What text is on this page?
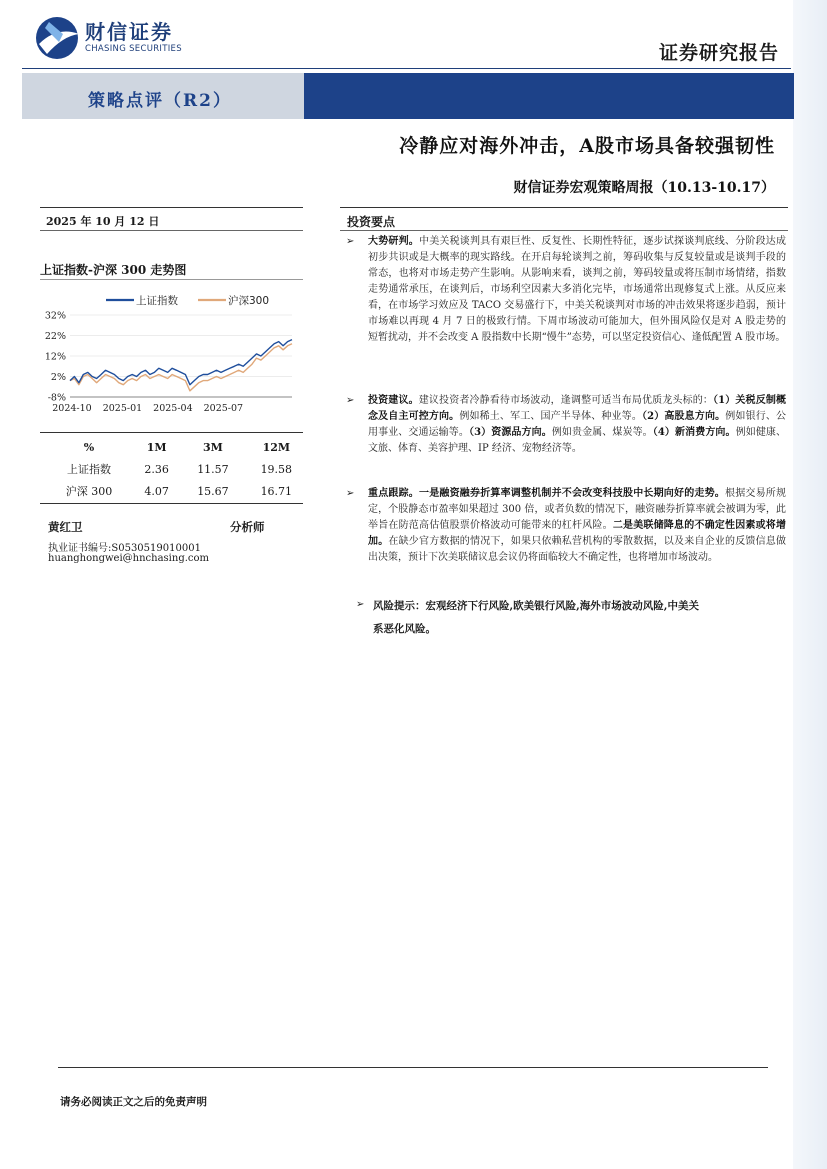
财信证券
CHASING SECURITIES	证券研究报告
策略点评（R2）
冷静应对海外冲击，A股市场具备较强韧性
财信证券宏观策略周报（10.13-10.17）
2025 年 10 月 12 日
上证指数-沪深 300 走势图
32%
22%
12%
2%
-8%
2024-10 2025-01 2025-04 2025-07
上证指数	沪深300
%	1M	3M	12M
上证指数	2.36	11.57	19.58
沪深 300	4.07	15.67	16.71
黄红卫	分析师
执业证书编号:S0530519010001
huanghongwei@hnchasing.com
投资要点
➢ 大势研判。中美关税谈判具有艰巨性、反复性、长期性特征，逐步试探谈判底线、分阶段达成初步共识或是大概率的现实路线。在开启每轮谈判之前，筹码收集与反复较量或是谈判手段的常态，也将对市场走势产生影响。从影响来看，谈判之前，筹码较量或将压制市场情绪，指数走势通常承压，在谈判后，市场利空因素大多消化完毕，市场通常出现修复式上涨。从反应来看，在市场学习效应及 TACO 交易盛行下，中美关税谈判对市场的冲击效果将逐步趋弱，预计市场难以再现 4 月 7 日的极致行情。下周市场波动可能加大，但外围风险仅是对 A 股走势的短暂扰动，并不会改变 A 股指数中长期“慢牛”态势，可以坚定投资信心、逢低配置 A 股市场。
➢ 投资建议。建议投资者冷静看待市场波动，逢调整可适当布局优质龙头标的：（1）关税反制概念及自主可控方向。例如稀土、军工、国产半导体、种业等。（2）高股息方向。例如银行、公用事业、交通运输等。（3）资源品方向。例如贵金属、煤炭等。（4）新消费方向。例如健康、文旅、体育、美容护理、IP 经济、宠物经济等。
➢ 重点跟踪。一是融资融券折算率调整机制并不会改变科技股中长期向好的走势。根据交易所规定，个股静态市盈率如果超过 300 倍，或者负数的情况下，融资融券折算率就会被调为零，此举旨在防范高估值股票价格波动可能带来的杠杆风险。二是美联储降息的不确定性因素或将增加。在缺少官方数据的情况下，如果只依赖私营机构的零散数据，以及来自企业的反馈信息做出决策，预计下次美联储议息会议仍将面临较大不确定性，也将增加市场波动。
➢ 风险提示：宏观经济下行风险,欧美银行风险,海外市场波动风险,中美关
系恶化风险。
请务必阅读正文之后的免责声明
